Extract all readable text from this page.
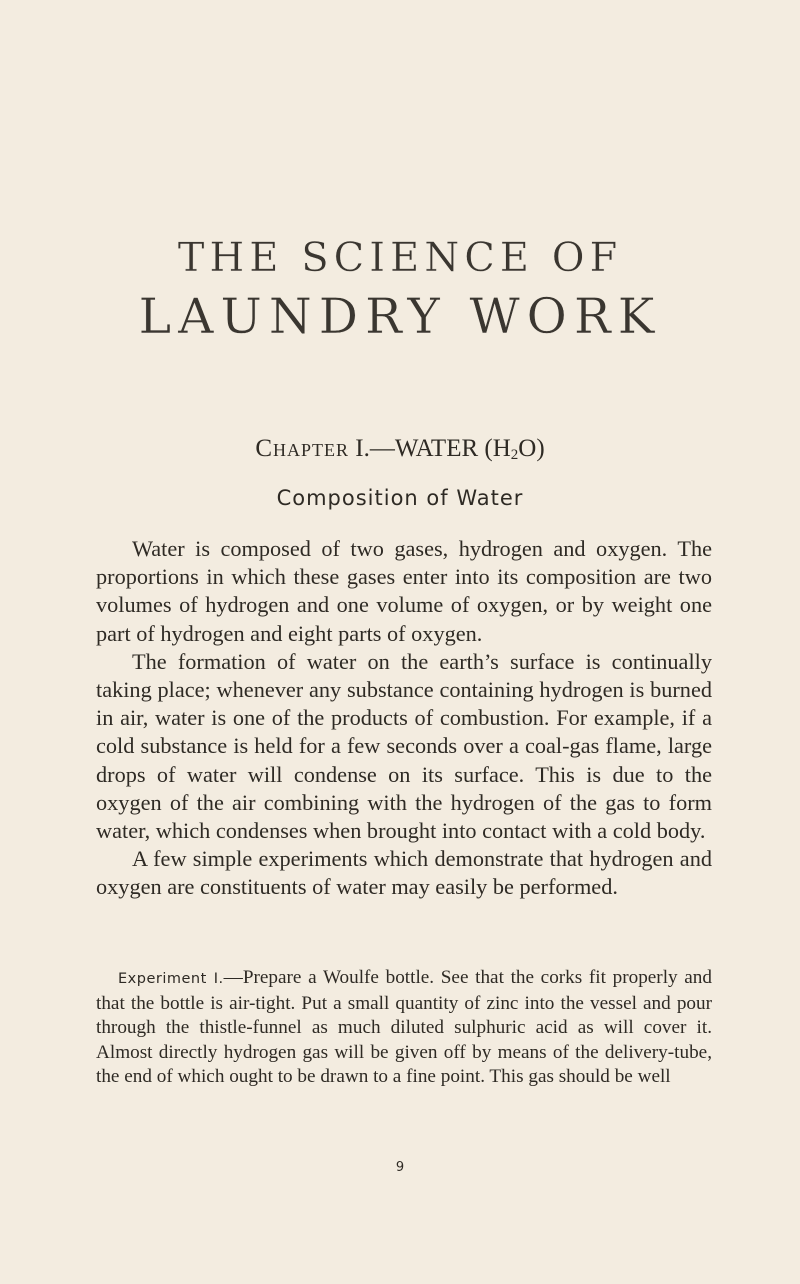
THE SCIENCE OF
LAUNDRY WORK
Chapter I.—WATER $(H_2O)$
Composition of Water

Water is composed of two gases, hydrogen and oxygen. The proportions in which these gases enter into its composition are two volumes of hydrogen and one volume of oxygen, or by weight one part of hydrogen and eight parts of oxygen.

The formation of water on the earth’s surface is continually taking place; whenever any substance containing hydrogen is burned in air, water is one of the products of combustion. For example, if a cold substance is held for a few seconds over a coal-gas flame, large drops of water will condense on its surface. This is due to the oxygen of the air combining with the hydrogen of the gas to form water, which condenses when brought into contact with a cold body.

A few simple experiments which demonstrate that hydrogen and oxygen are constituents of water may easily be performed.

Experiment I.—Prepare a Woulfe bottle. See that the corks fit properly and that the bottle is air-tight. Put a small quantity of zinc into the vessel and pour through the thistle-funnel as much diluted sulphuric acid as will cover it. Almost directly hydrogen gas will be given off by means of the delivery-tube, the end of which ought to be drawn to a fine point. This gas should be well
9
